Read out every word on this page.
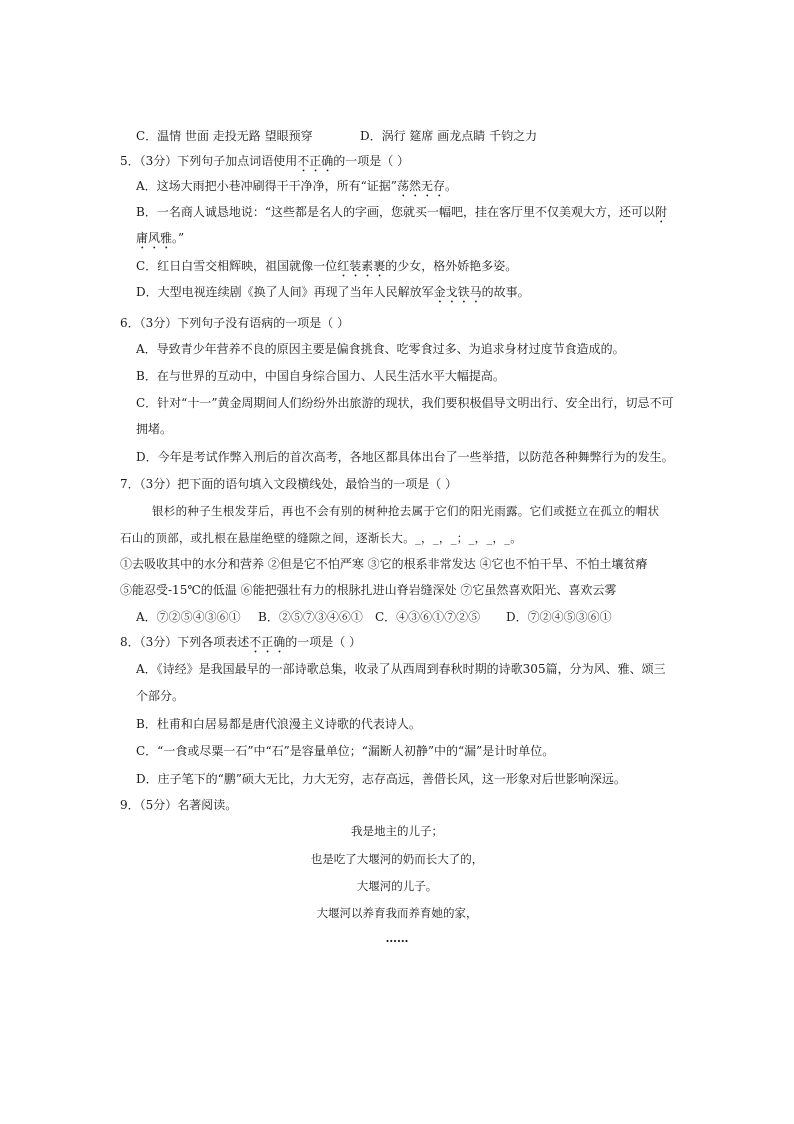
C．温情 世面 走投无路 望眼预穿	D．涡行 筵席 画龙点睛 千钧之力
5．（3分）下列句子加点词语使用不正确的一项是（ ）
A．这场大雨把小巷冲刷得干干净净，所有“证据”荡然无存。
B．一名商人诚恳地说：“这些都是名人的字画，您就买一幅吧，挂在客厅里不仅美观大方，还可以附
庸风雅。”
C．红日白雪交相辉映，祖国就像一位红装素裹的少女，格外娇艳多姿。
D．大型电视连续剧《换了人间》再现了当年人民解放军金戈铁马的故事。
6．（3分）下列句子没有语病的一项是（ ）
A．导致青少年营养不良的原因主要是偏食挑食、吃零食过多、为追求身材过度节食造成的。
B．在与世界的互动中，中国自身综合国力、人民生活水平大幅提高。
C．针对“十一”黄金周期间人们纷纷外出旅游的现状，我们要积极倡导文明出行、安全出行，切忌不可
拥堵。
D．今年是考试作弊入刑后的首次高考，各地区都具体出台了一些举措，以防范各种舞弊行为的发生。
7．（3分）把下面的语句填入文段横线处，最恰当的一项是（ ）
银杉的种子生根发芽后，再也不会有别的树种抢去属于它们的阳光雨露。它们或挺立在孤立的帽状
石山的顶部，或扎根在悬崖绝壁的缝隙之间，逐渐长大。_，_，_；_，_，_。
①去吸收其中的水分和营养 ②但是它不怕严寒 ③它的根系非常发达 ④它也不怕干旱、不怕土壤贫瘠
⑤能忍受-15℃的低温 ⑥能把强壮有力的根脉扎进山脊岩缝深处 ⑦它虽然喜欢阳光、喜欢云雾
A．⑦②⑤④③⑥① B．②⑤⑦③④⑥① C．④③⑥①⑦②⑤ D．⑦②④⑤③⑥①
8．（3分）下列各项表述不正确的一项是（ ）
A．《诗经》是我国最早的一部诗歌总集，收录了从西周到春秋时期的诗歌305篇，分为风、雅、颂三
个部分。
B．杜甫和白居易都是唐代浪漫主义诗歌的代表诗人。
C．“一食或尽粟一石”中“石”是容量单位；“漏断人初静”中的“漏”是计时单位。
D．庄子笔下的“鹏”硕大无比，力大无穷，志存高远，善借长风，这一形象对后世影响深远。
9．（5分）名著阅读。
我是地主的儿子；
也是吃了大堰河的奶而长大了的，
大堰河的儿子。
大堰河以养育我而养育她的家，
……
